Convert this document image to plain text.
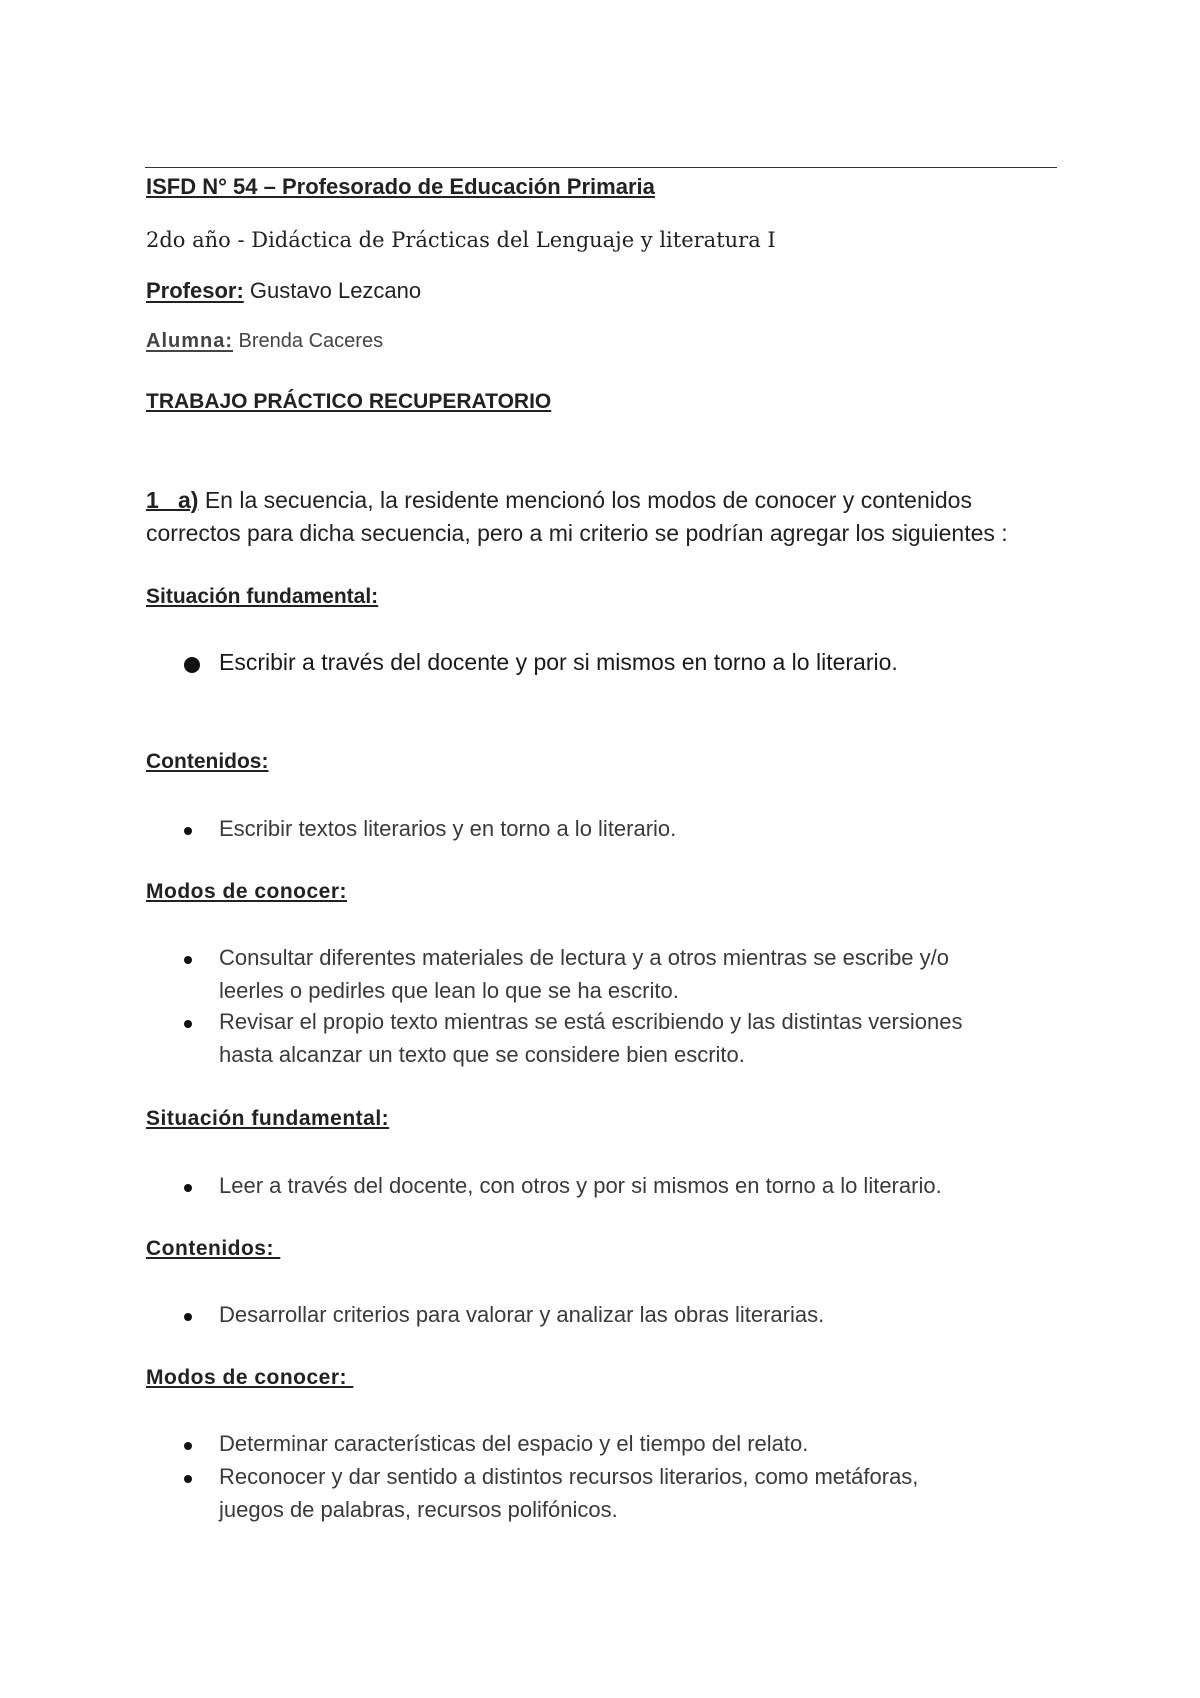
ISFD N° 54 – Profesorado de Educación Primaria
2do año - Didáctica de Prácticas del Lenguaje y literatura I
Profesor: Gustavo Lezcano
Alumna: Brenda Caceres
TRABAJO PRÁCTICO RECUPERATORIO
1_ a) En la secuencia, la residente mencionó los modos de conocer y contenidos
correctos para dicha secuencia, pero a mi criterio se podrían agregar los siguientes :
Situación fundamental:
Escribir a través del docente y por si mismos en torno a lo literario.
Contenidos:
Escribir textos literarios y en torno a lo literario.
Modos de conocer:
Consultar diferentes materiales de lectura y a otros mientras se escribe y/o
leerles o pedirles que lean lo que se ha escrito.
Revisar el propio texto mientras se está escribiendo y las distintas versiones
hasta alcanzar un texto que se considere bien escrito.
Situación fundamental:
Leer a través del docente, con otros y por si mismos en torno a lo literario.
Contenidos:
Desarrollar criterios para valorar y analizar las obras literarias.
Modos de conocer:
Determinar características del espacio y el tiempo del relato.
Reconocer y dar sentido a distintos recursos literarios, como metáforas,
juegos de palabras, recursos polifónicos.
